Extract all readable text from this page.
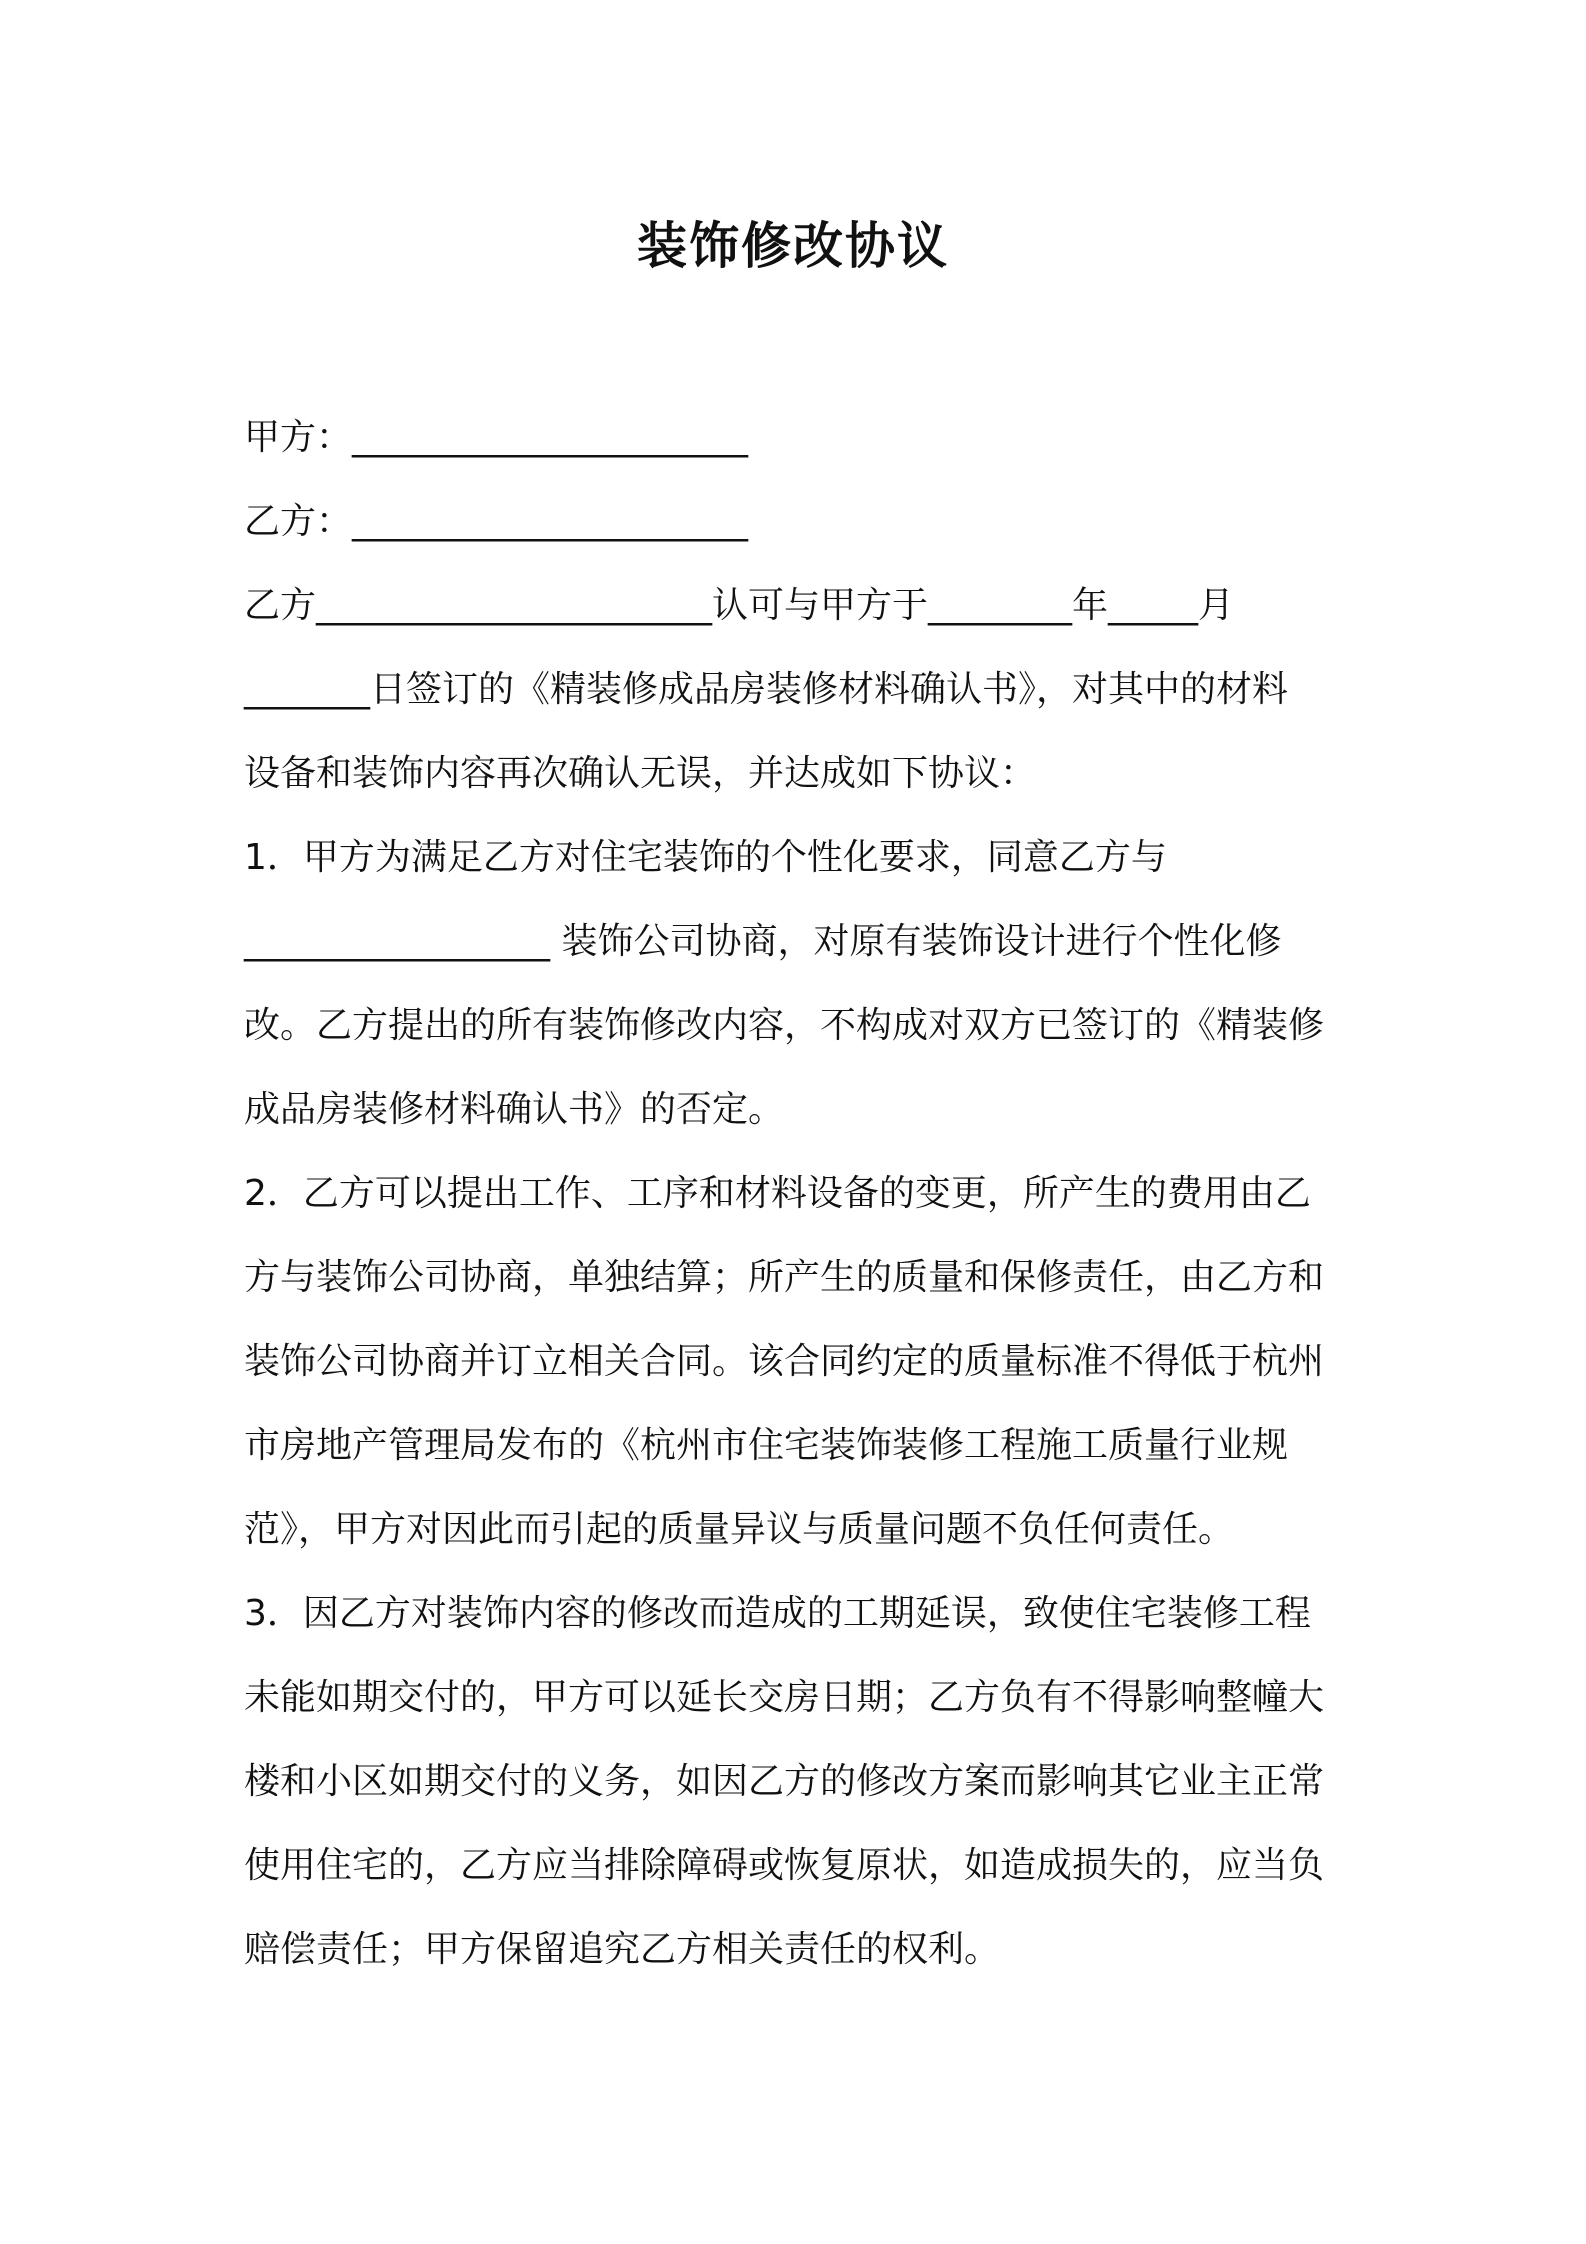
装饰修改协议
甲方：______________________
乙方：______________________
乙方______________________认可与甲方于________年_____月
_______日签订的《精装修成品房装修材料确认书》，对其中的材料
设备和装饰内容再次确认无误，并达成如下协议：
1．甲方为满足乙方对住宅装饰的个性化要求，同意乙方与
_________________ 装饰公司协商，对原有装饰设计进行个性化修
改。乙方提出的所有装饰修改内容，不构成对双方已签订的《精装修
成品房装修材料确认书》的否定。
2．乙方可以提出工作、工序和材料设备的变更，所产生的费用由乙
方与装饰公司协商，单独结算；所产生的质量和保修责任，由乙方和
装饰公司协商并订立相关合同。该合同约定的质量标准不得低于杭州
市房地产管理局发布的《杭州市住宅装饰装修工程施工质量行业规
范》，甲方对因此而引起的质量异议与质量问题不负任何责任。
3．因乙方对装饰内容的修改而造成的工期延误，致使住宅装修工程
未能如期交付的，甲方可以延长交房日期；乙方负有不得影响整幢大
楼和小区如期交付的义务，如因乙方的修改方案而影响其它业主正常
使用住宅的，乙方应当排除障碍或恢复原状，如造成损失的，应当负
赔偿责任；甲方保留追究乙方相关责任的权利。
